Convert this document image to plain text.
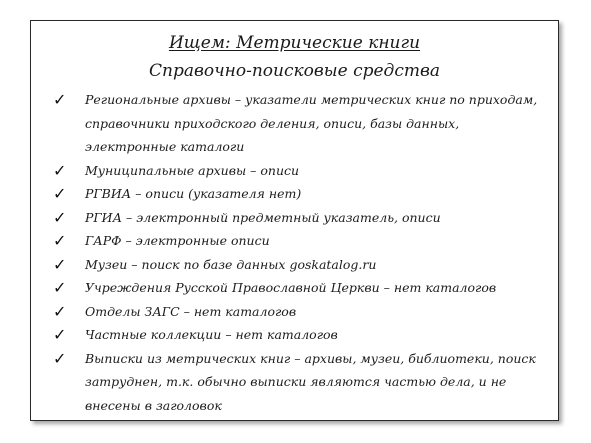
Ищем: Метрические книги
Справочно-поисковые средства
✓ Региональные архивы – указатели метрических книг по приходам, справочники приходского деления, описи, базы данных, электронные каталоги
✓ Муниципальные архивы – описи
✓ РГВИА – описи (указателя нет)
✓ РГИА – электронный предметный указатель, описи
✓ ГАРФ – электронные описи
✓ Музеи – поиск по базе данных goskatalog.ru
✓ Учреждения Русской Православной Церкви – нет каталогов
✓ Отделы ЗАГС – нет каталогов
✓ Частные коллекции – нет каталогов
✓ Выписки из метрических книг – архивы, музеи, библиотеки, поиск затруднен, т.к. обычно выписки являются частью дела, и не внесены в заголовок
